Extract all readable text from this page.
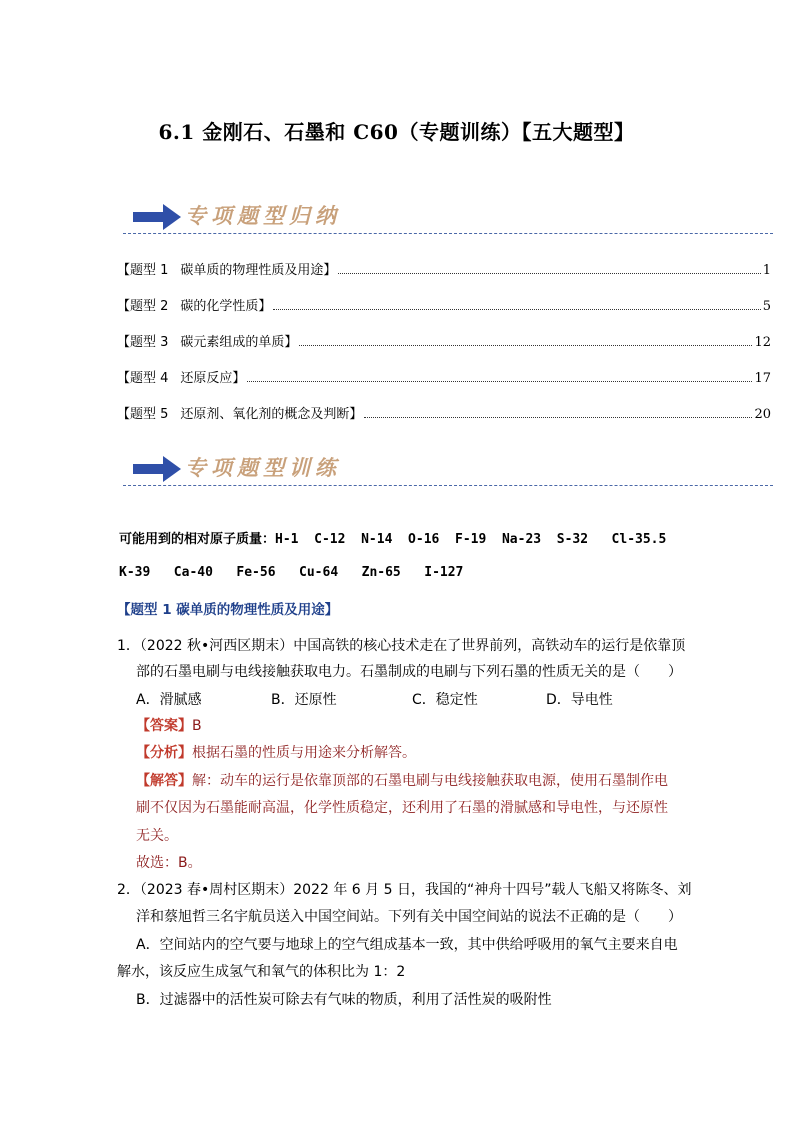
6.1 金刚石、石墨和 C60（专题训练）【五大题型】
专项题型归纳
【题型 1 碳单质的物理性质及用途】	1
【题型 2 碳的化学性质】	5
【题型 3 碳元素组成的单质】	12
【题型 4 还原反应】	17
【题型 5 还原剂、氧化剂的概念及判断】	20
专项题型训练
可能用到的相对原子质量：H-1  C-12  N-14  O-16  F-19  Na-23  S-32   Cl-35.5
K-39   Ca-40   Fe-56   Cu-64   Zn-65   I-127
【题型 1 碳单质的物理性质及用途】
1．（2022 秋•河西区期末）中国高铁的核心技术走在了世界前列，高铁动车的运行是依靠顶
部的石墨电刷与电线接触获取电力。石墨制成的电刷与下列石墨的性质无关的是（　　）
A．滑腻感	B．还原性	C．稳定性	D．导电性
【答案】B
【分析】根据石墨的性质与用途来分析解答。
【解答】解：动车的运行是依靠顶部的石墨电刷与电线接触获取电源，使用石墨制作电
刷不仅因为石墨能耐高温，化学性质稳定，还利用了石墨的滑腻感和导电性，与还原性
无关。
故选：B。
2．（2023 春•周村区期末）2022 年 6 月 5 日，我国的“神舟十四号”载人飞船又将陈冬、刘
洋和蔡旭哲三名宇航员送入中国空间站。下列有关中国空间站的说法不正确的是（　　）
A．空间站内的空气要与地球上的空气组成基本一致，其中供给呼吸用的氧气主要来自电
解水，该反应生成氢气和氧气的体积比为 1：2
B．过滤器中的活性炭可除去有气味的物质，利用了活性炭的吸附性
